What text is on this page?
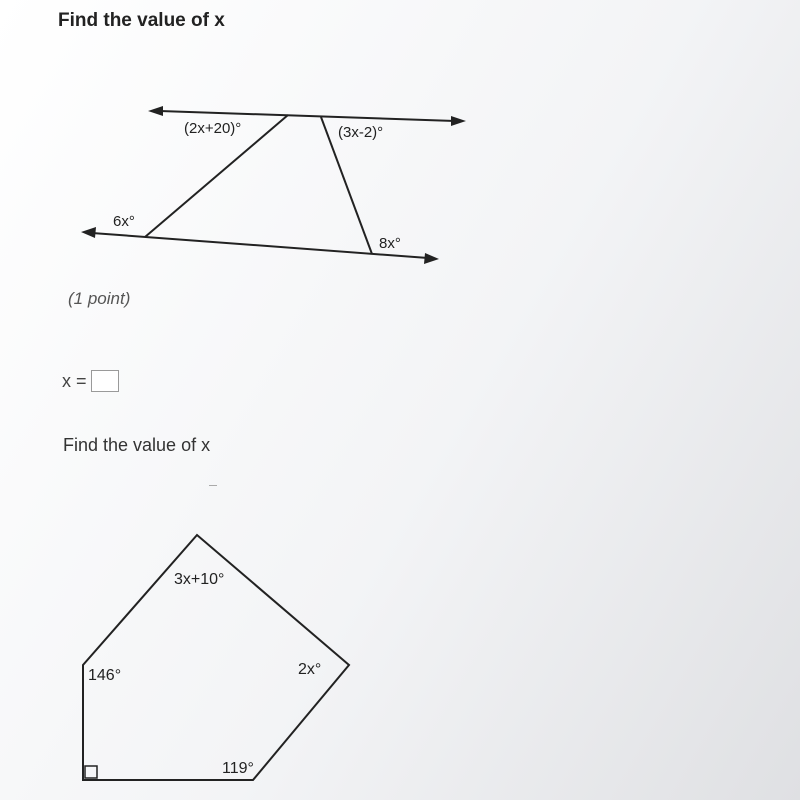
Find the value of x
(2x+20)°	(3x-2)°
6x°
8x°
(1 point)
x =
Find the value of x
3x+10°
146°	2x°
119°
